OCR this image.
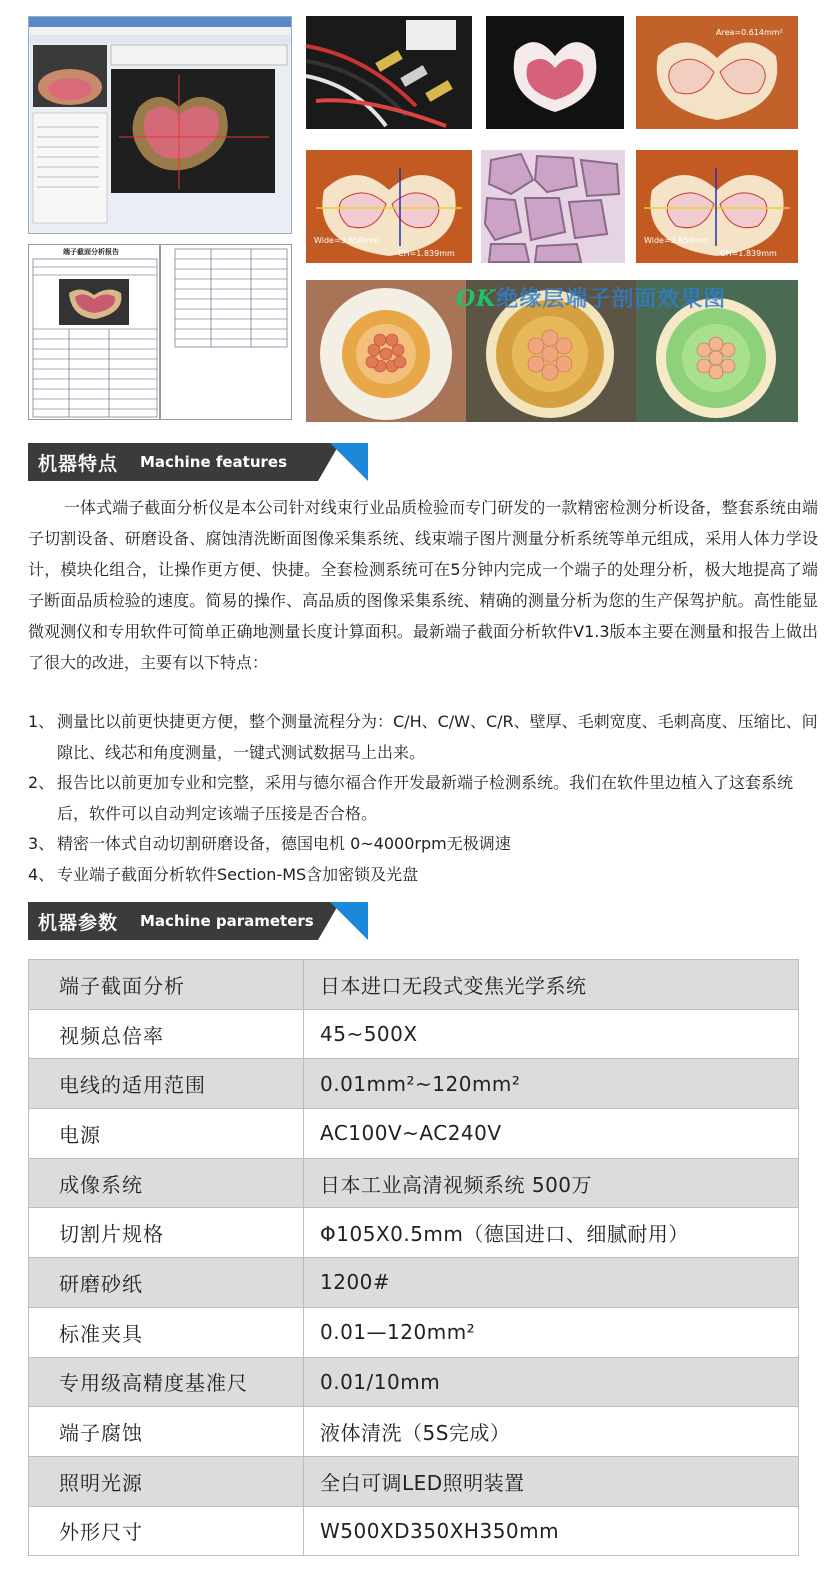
端子截面分析报告
Area=0.614mm²
Wide=3.858mm
CH=1.839mm
Wide=3.858mm
CH=1.839mm
OK绝缘层端子剖面效果图
机器特点 Machine features
一体式端子截面分析仪是本公司针对线束行业品质检验而专门研发的一款精密检测分析设备，整套系统由端子切割设备、研磨设备、腐蚀清洗断面图像采集系统、线束端子图片测量分析系统等单元组成，采用人体力学设计，模块化组合，让操作更方便、快捷。全套检测系统可在5分钟内完成一个端子的处理分析，极大地提高了端子断面品质检验的速度。简易的操作、高品质的图像采集系统、精确的测量分析为您的生产保驾护航。高性能显微观测仪和专用软件可简单正确地测量长度计算面积。最新端子截面分析软件V1.3版本主要在测量和报告上做出了很大的改进，主要有以下特点：
1、 测量比以前更快捷更方便，整个测量流程分为：C/H、C/W、C/R、壁厚、毛刺宽度、毛刺高度、压缩比、间隙比、线芯和角度测量，一键式测试数据马上出来。
2、 报告比以前更加专业和完整，采用与德尔福合作开发最新端子检测系统。我们在软件里边植入了这套系统后，软件可以自动判定该端子压接是否合格。
3、 精密一体式自动切割研磨设备，德国电机 0~4000rpm无极调速
4、 专业端子截面分析软件Section-MS含加密锁及光盘
机器参数 Machine parameters
端子截面分析	日本进口无段式变焦光学系统
视频总倍率	45~500X
电线的适用范围	0.01mm²~120mm²
电源	AC100V~AC240V
成像系统	日本工业高清视频系统 500万
切割片规格	Φ105X0.5mm（德国进口、细腻耐用）
研磨砂纸	1200#
标准夹具	0.01—120mm²
专用级高精度基准尺	0.01/10mm
端子腐蚀	液体清洗（5S完成）
照明光源	全白可调LED照明装置
外形尺寸	W500XD350XH350mm
